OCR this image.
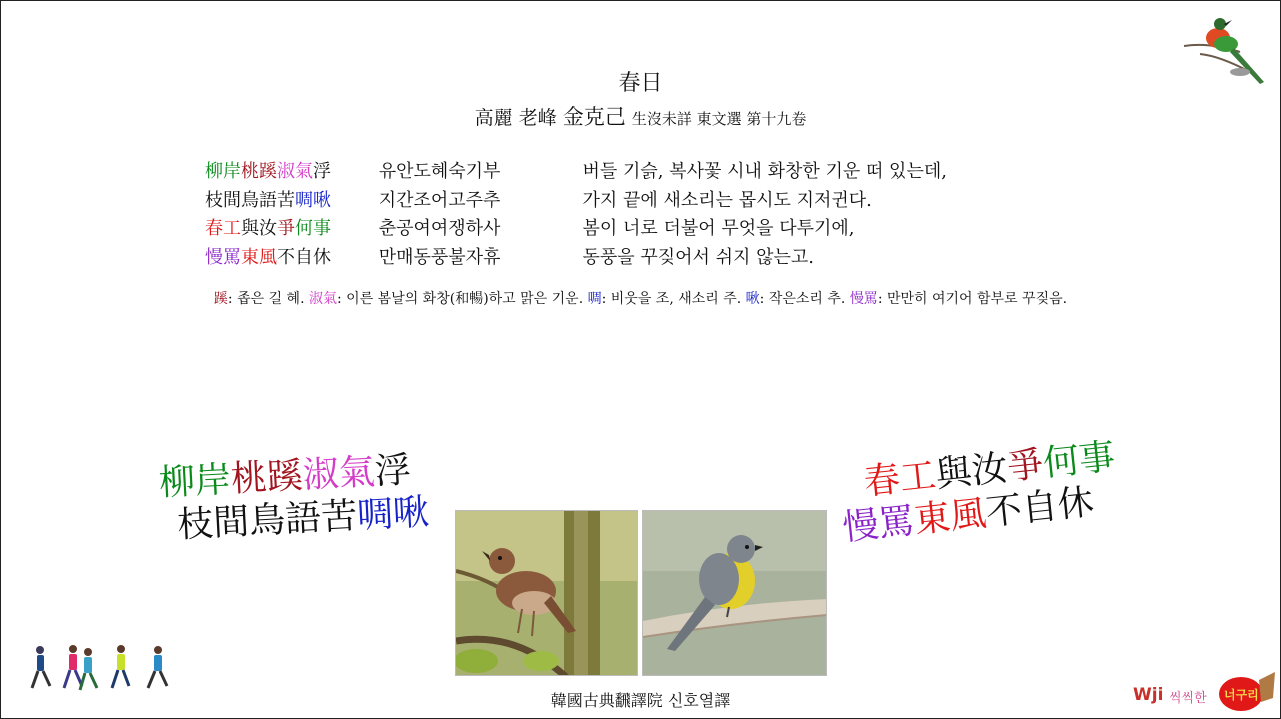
春日
高麗 老峰 金克己 生沒未詳 東文選 第十九卷
柳岸桃蹊淑氣浮	유안도혜숙기부	버들 기슭, 복사꽃 시내 화창한 기운 떠 있는데,
枝間鳥語苦啁啾	지간조어고주추	가지 끝에 새소리는 몹시도 지저귄다.
春工與汝爭何事	춘공여여쟁하사	봄이 너로 더불어 무엇을 다투기에,
慢罵東風不自休	만매동풍불자휴	동풍을 꾸짖어서 쉬지 않는고.
蹊: 좁은 길 혜. 淑氣: 이른 봄날의 화창(和暢)하고 맑은 기운. 啁: 비웃을 조, 새소리 주. 啾: 작은소리 추. 慢罵: 만만히 여기어 함부로 꾸짖음.
柳岸桃蹊淑氣浮
枝間鳥語苦啁啾
春工與汝爭何事
慢罵東風不自休
韓國古典飜譯院 신호열譯	Wji 씩씩한 너구리
